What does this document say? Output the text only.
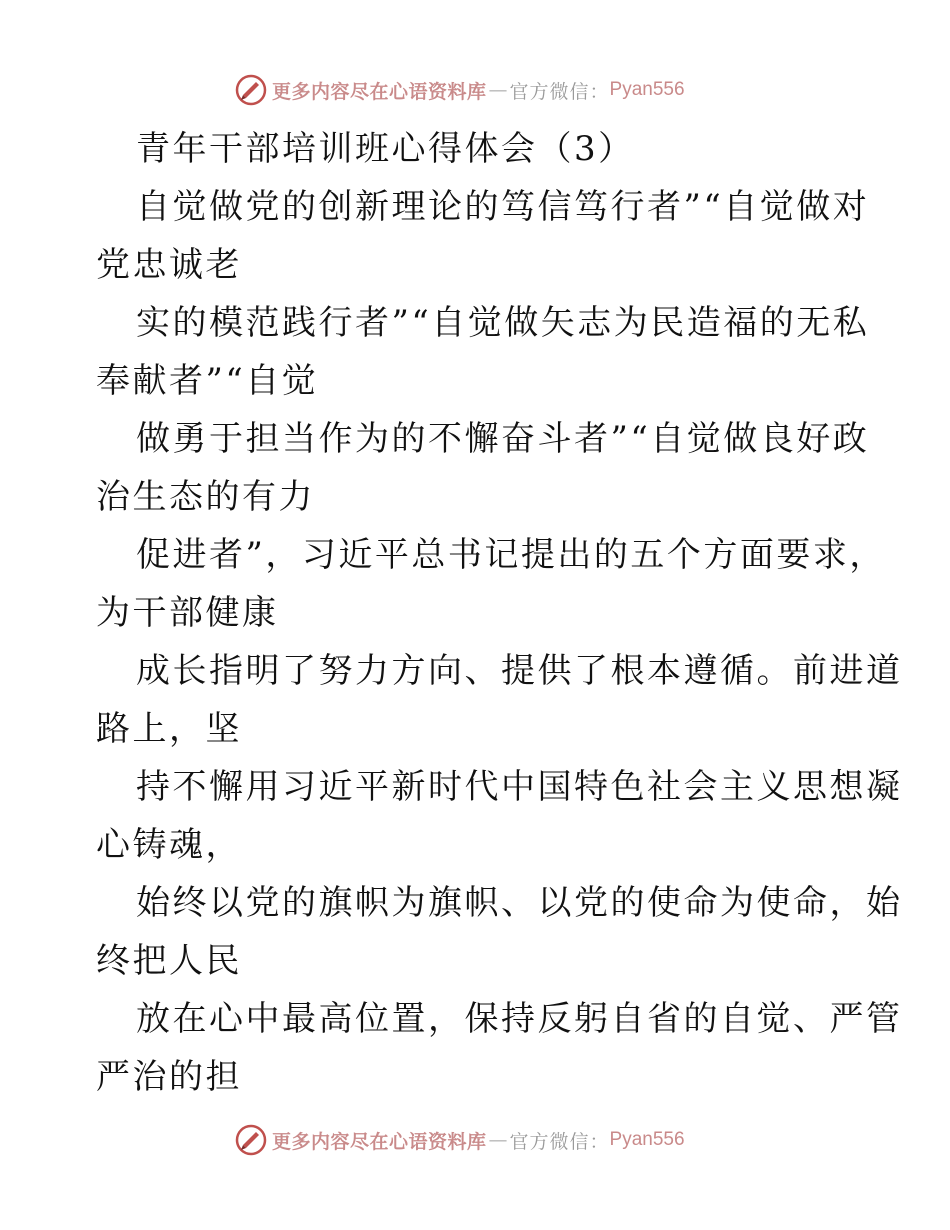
更多内容尽在心语资料库 — 官方微信： Pyan556
青年干部培训班心得体会（3）
自觉做党的创新理论的笃信笃行者”“自觉做对
党忠诚老
实的模范践行者”“自觉做矢志为民造福的无私
奉献者”“自觉
做勇于担当作为的不懈奋斗者”“自觉做良好政
治生态的有力
促进者”，习近平总书记提出的五个方面要求，
为干部健康
成长指明了努力方向、提供了根本遵循。前进道
路上，坚
持不懈用习近平新时代中国特色社会主义思想凝
心铸魂，
始终以党的旗帜为旗帜、以党的使命为使命，始
终把人民
放在心中最高位置，保持反躬自省的自觉、严管
严治的担
更多内容尽在心语资料库 — 官方微信： Pyan556
